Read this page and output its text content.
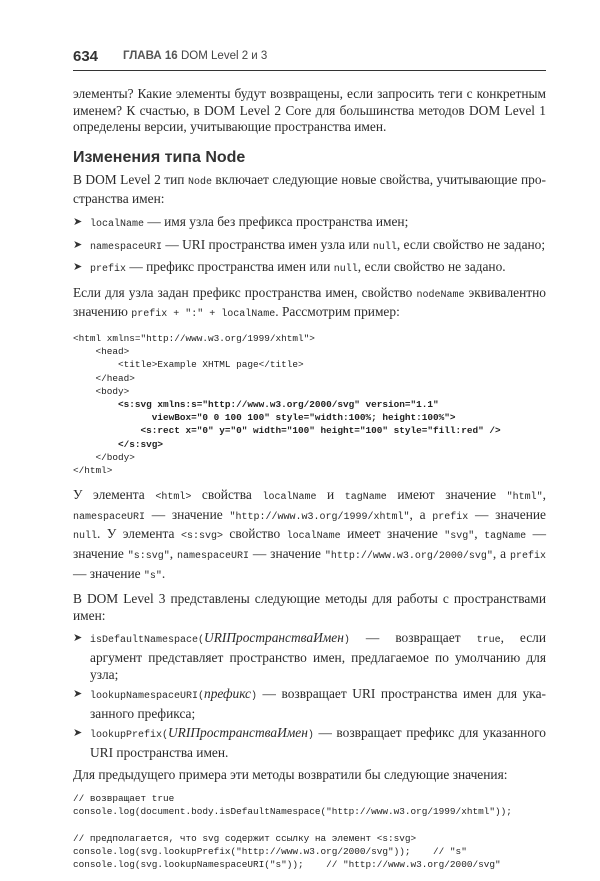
634 ГЛАВА 16 DOM Level 2 и 3
элементы? Какие элементы будут возвращены, если запросить теги с конкретным именем? К счастью, в DOM Level 2 Core для большинства методов DOM Level 1 определены версии, учитывающие пространства имен.
Изменения типа Node
В DOM Level 2 тип Node включает следующие новые свойства, учитывающие пространства имен:
➤ localName — имя узла без префикса пространства имен;
➤ namespaceURI — URI пространства имен узла или null, если свойство не задано;
➤ prefix — префикс пространства имен или null, если свойство не задано.
Если для узла задан префикс пространства имен, свойство nodeName эквивалентно значению prefix + ":" + localName. Рассмотрим пример:
<html xmlns="http://www.w3.org/1999/xhtml">
<head>
<title>Example XHTML page</title>
</head>
<body>
<s:svg xmlns:s="http://www.w3.org/2000/svg" version="1.1"
viewBox="0 0 100 100" style="width:100%; height:100%">
<s:rect x="0" y="0" width="100" height="100" style="fill:red" />
</s:svg>
</body>
</html>
У элемента <html> свойства localName и tagName имеют значение "html", namespaceURI — значение "http://www.w3.org/1999/xhtml", а prefix — значение null. У элемента <s:svg> свойство localName имеет значение "svg", tagName — значение "s:svg", namespaceURI — значение "http://www.w3.org/2000/svg", а prefix — значение "s".
В DOM Level 3 представлены следующие методы для работы с пространствами имен:
➤ isDefaultNamespace(URIПространстваИмен) — возвращает true, если аргумент представляет пространство имен, предлагаемое по умолчанию для узла;
➤ lookupNamespaceURI(префикс) — возвращает URI пространства имен для указанного префикса;
➤ lookupPrefix(URIПространстваИмен) — возвращает префикс для указанного URI пространства имен.
Для предыдущего примера эти методы возвратили бы следующие значения:
// возвращает true
console.log(document.body.isDefaultNamespace("http://www.w3.org/1999/xhtml"));
// предполагается, что svg содержит ссылку на элемент <s:svg>
console.log(svg.lookupPrefix("http://www.w3.org/2000/svg"));    // "s"
console.log(svg.lookupNamespaceURI("s"));    // "http://www.w3.org/2000/svg"
